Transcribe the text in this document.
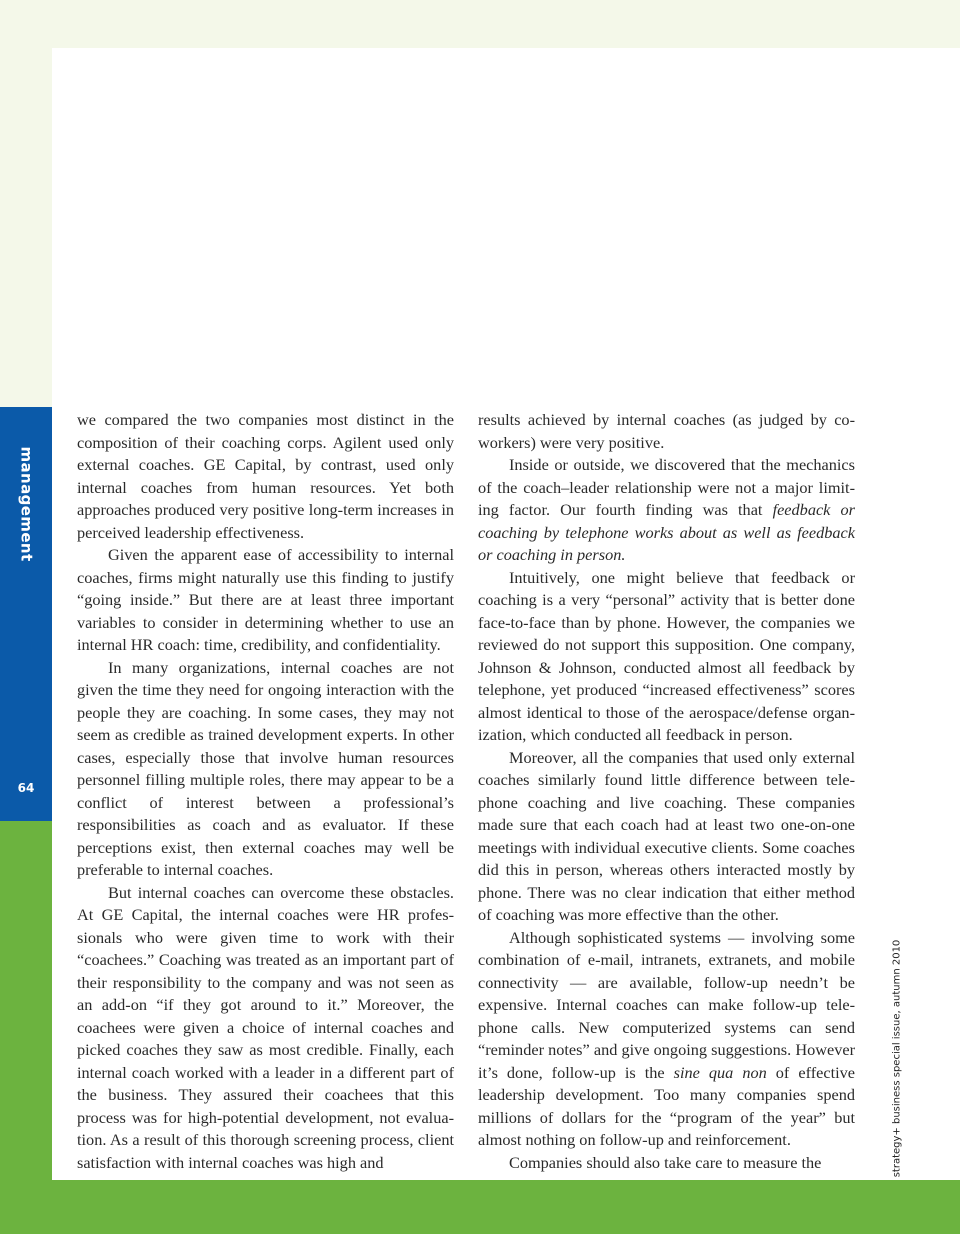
management
64

we compared the two companies most distinct in the composition of their coaching corps. Agilent used only external coaches. GE Capital, by contrast, used only internal coaches from human resources. Yet both approaches produced very positive long-term increases in perceived leadership effectiveness.

Given the apparent ease of accessibility to internal coaches, firms might naturally use this finding to justify “going inside.” But there are at least three important variables to consider in determining whether to use an internal HR coach: time, credibility, and confidentiality.

In many organizations, internal coaches are not given the time they need for ongoing interaction with the people they are coaching. In some cases, they may not seem as credible as trained development experts. In other cases, especially those that involve human resources personnel filling multiple roles, there may appear to be a conflict of interest between a professional’s responsibilities as coach and as evaluator. If these perceptions exist, then external coaches may well be preferable to internal coaches.

But internal coaches can overcome these obstacles. At GE Capital, the internal coaches were HR professionals who were given time to work with their “coachees.” Coaching was treated as an important part of their responsibility to the company and was not seen as an add-on “if they got around to it.” Moreover, the coachees were given a choice of internal coaches and picked coaches they saw as most credible. Finally, each internal coach worked with a leader in a different part of the business. They assured their coachees that this process was for high-potential development, not evaluation. As a result of this thorough screening process, client satisfaction with internal coaches was high and

results achieved by internal coaches (as judged by coworkers) were very positive.

Inside or outside, we discovered that the mechanics of the coach–leader relationship were not a major limiting factor. Our fourth finding was that feedback or coaching by telephone works about as well as feedback or coaching in person.

Intuitively, one might believe that feedback or coaching is a very “personal” activity that is better done face-to-face than by phone. However, the companies we reviewed do not support this supposition. One company, Johnson & Johnson, conducted almost all feedback by telephone, yet produced “increased effectiveness” scores almost identical to those of the aerospace/defense organization, which conducted all feedback in person.

Moreover, all the companies that used only external coaches similarly found little difference between telephone coaching and live coaching. These companies made sure that each coach had at least two one-on-one meetings with individual executive clients. Some coaches did this in person, whereas others interacted mostly by phone. There was no clear indication that either method of coaching was more effective than the other.

Although sophisticated systems — involving some combination of e-mail, intranets, extranets, and mobile connectivity — are available, follow-up needn’t be expensive. Internal coaches can make follow-up telephone calls. New computerized systems can send “reminder notes” and give ongoing suggestions. However it’s done, follow-up is the sine qua non of effective leadership development. Too many companies spend millions of dollars for the “program of the year” but almost nothing on follow-up and reinforcement.

Companies should also take care to measure the	strategy+ business special issue, autumn 2010
